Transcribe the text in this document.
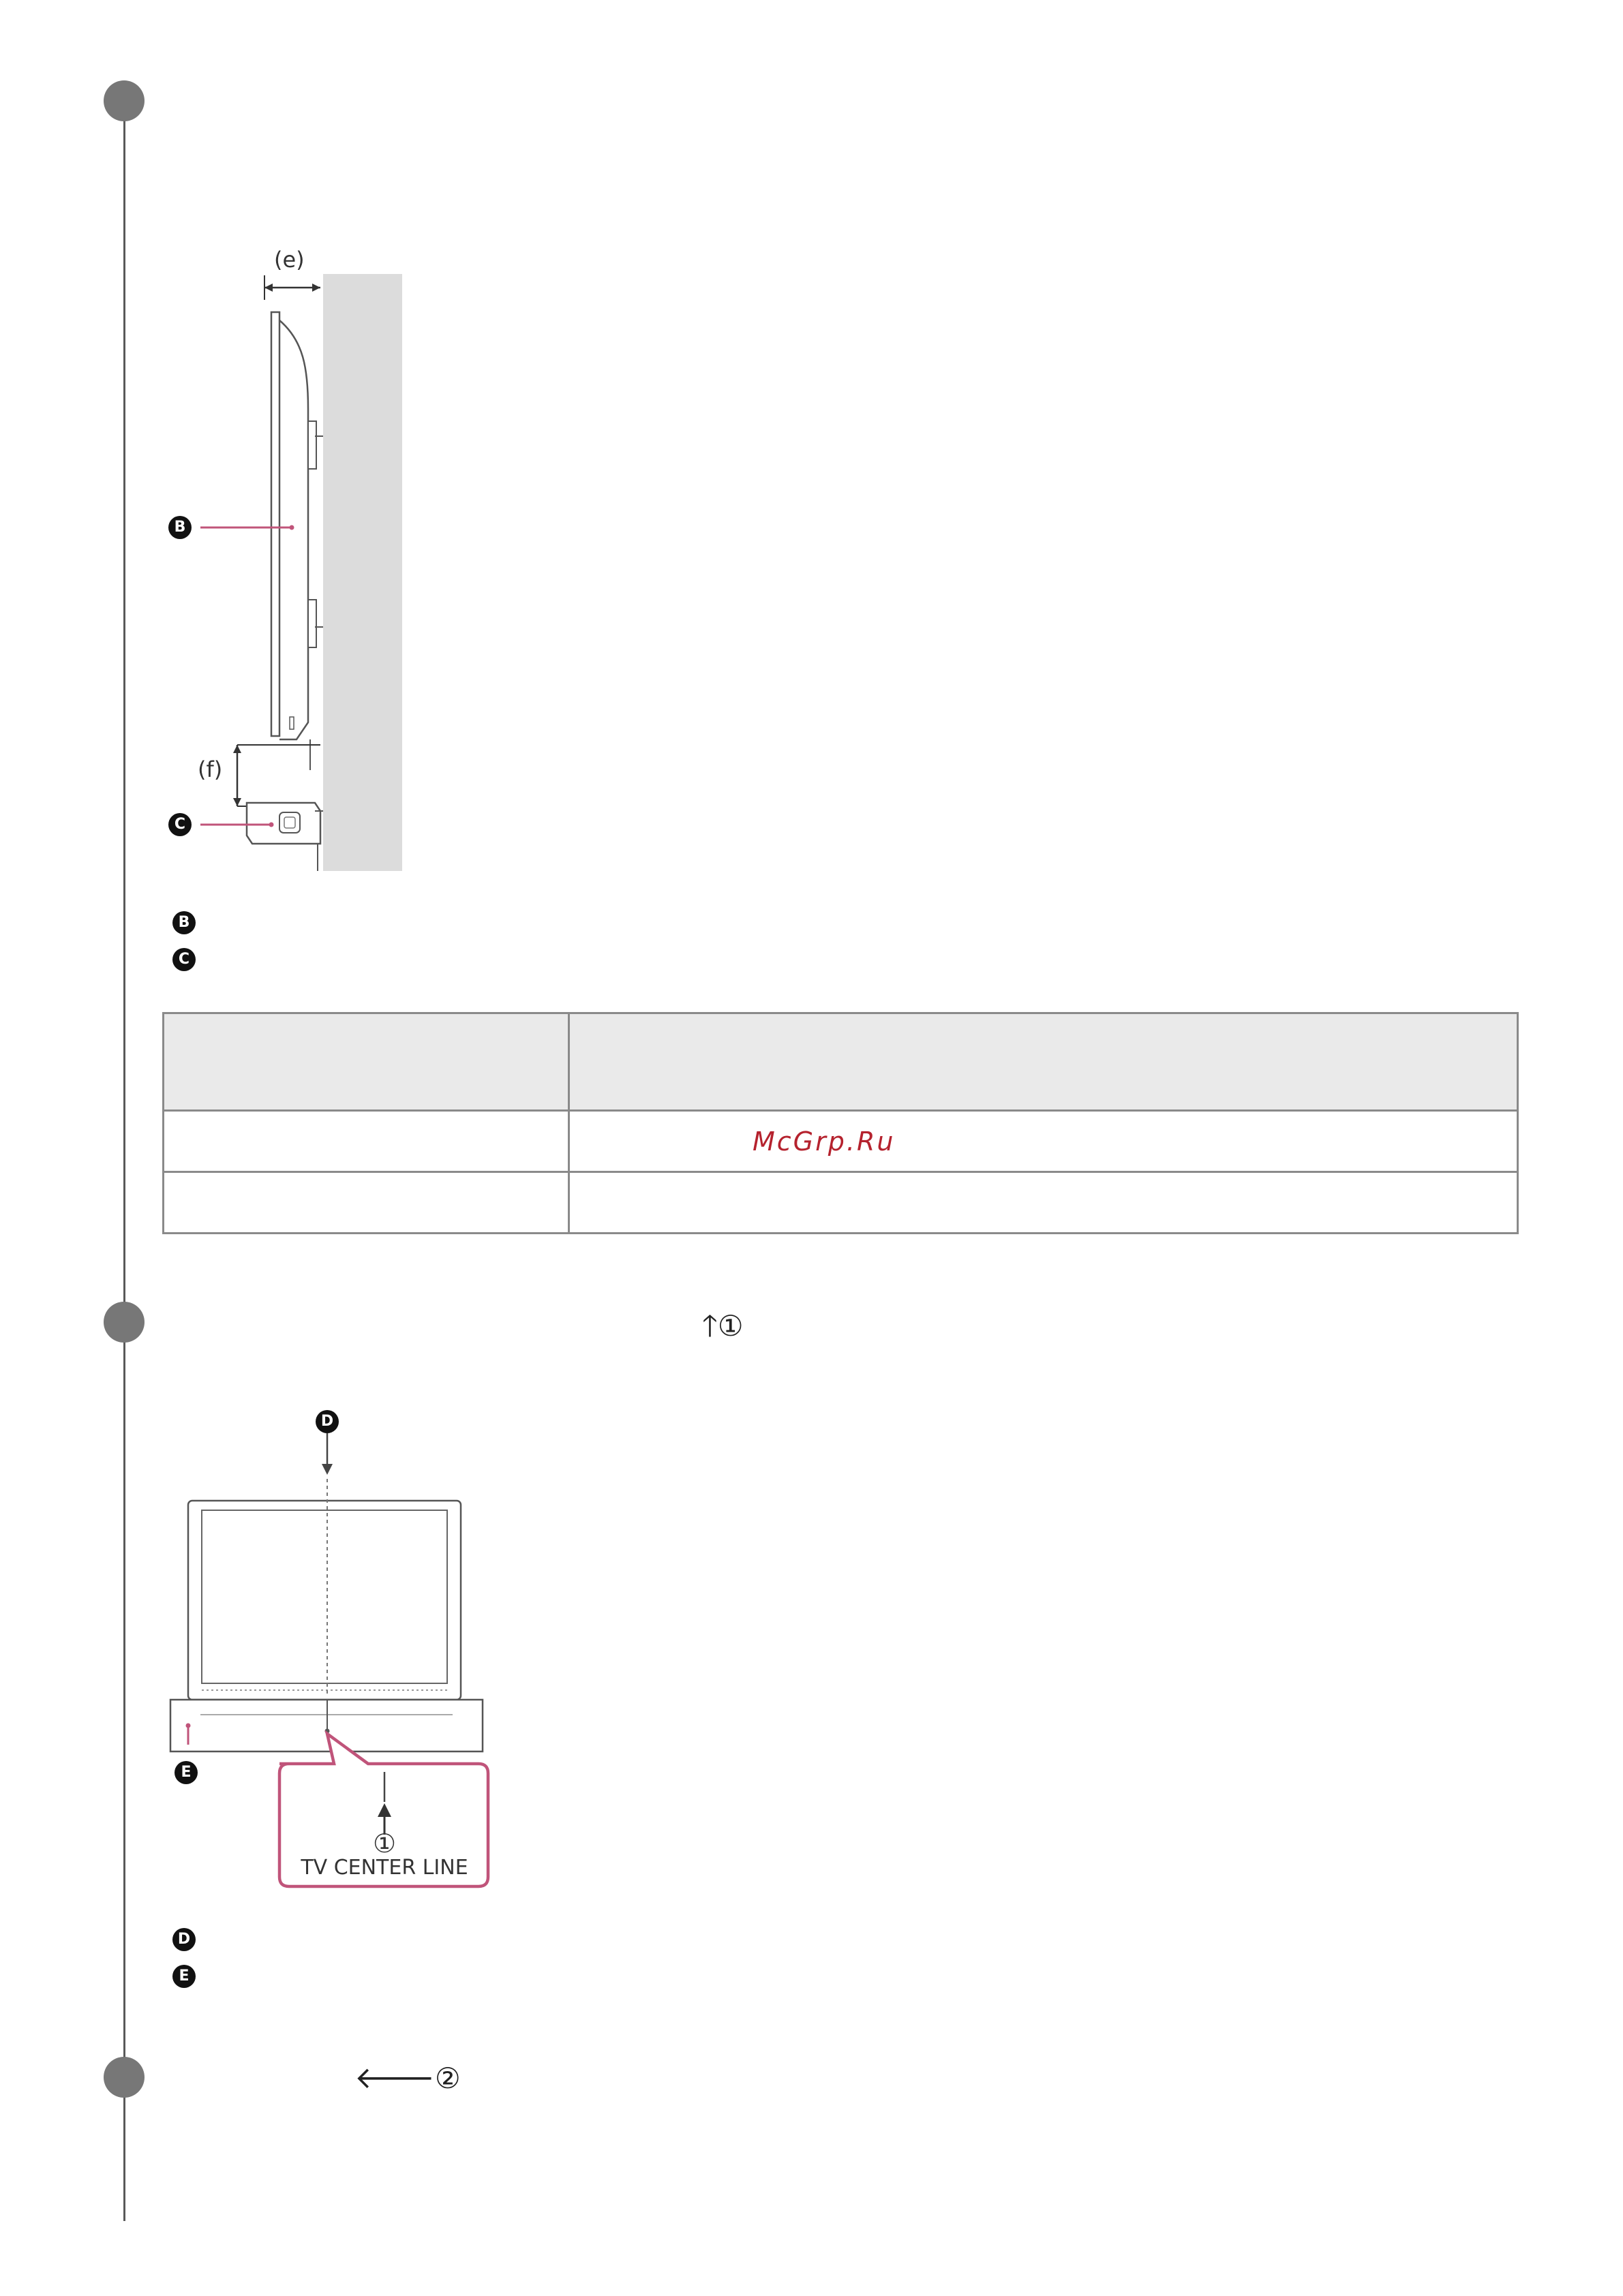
(e)
(f)
B
C
B
C

	McGrp.Ru

🡑①
①
TV CENTER LINE
D
E
D
E
🡐②
